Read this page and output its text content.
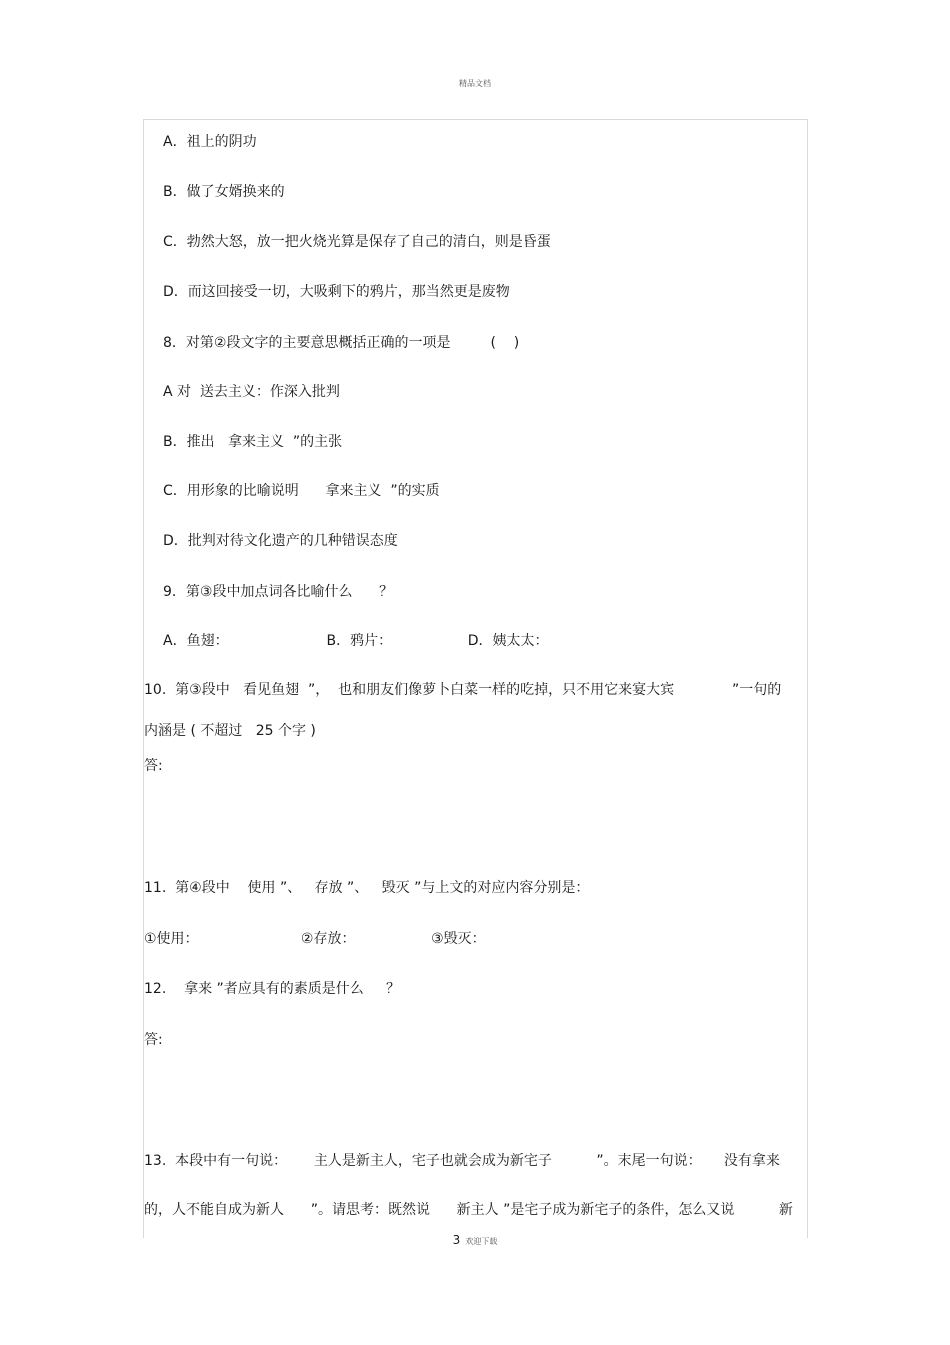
精品文档
A．祖上的阴功
B．做了女婿换来的
C．勃然大怒，放一把火烧光算是保存了自己的清白，则是昏蛋
D．而这回接受一切，大吸剩下的鸦片，那当然更是废物
8．对第②段文字的主要意思概括正确的一项是         (    )
A 对  送去主义：作深入批判
B．推出   拿来主义  ”的主张
C．用形象的比喻说明      拿来主义  ”的实质
D．批判对待文化遗产的几种错误态度
9．第③段中加点词各比喻什么      ？
A．鱼翅：                      B．鸦片：                 D．姨太太：
10.  第③段中   看见鱼翅  ”，  也和朋友们像萝卜白菜一样的吃掉，只不用它来宴大宾             ”一句的
内涵是 ( 不超过   25 个字 )
答:
11.  第④段中    使用 ”、   存放 ”、   毁灭 ”与上文的对应内容分别是：
①使用：                       ②存放：                 ③毁灭：
12.    拿来 ”者应具有的素质是什么     ？
答:
13.  本段中有一句说：      主人是新主人，宅子也就会成为新宅子          ”。末尾一句说：     没有拿来
的，人不能自成为新人      ”。请思考：既然说      新主人 ”是宅子成为新宅子的条件，怎么又说          新
3 欢迎下载
